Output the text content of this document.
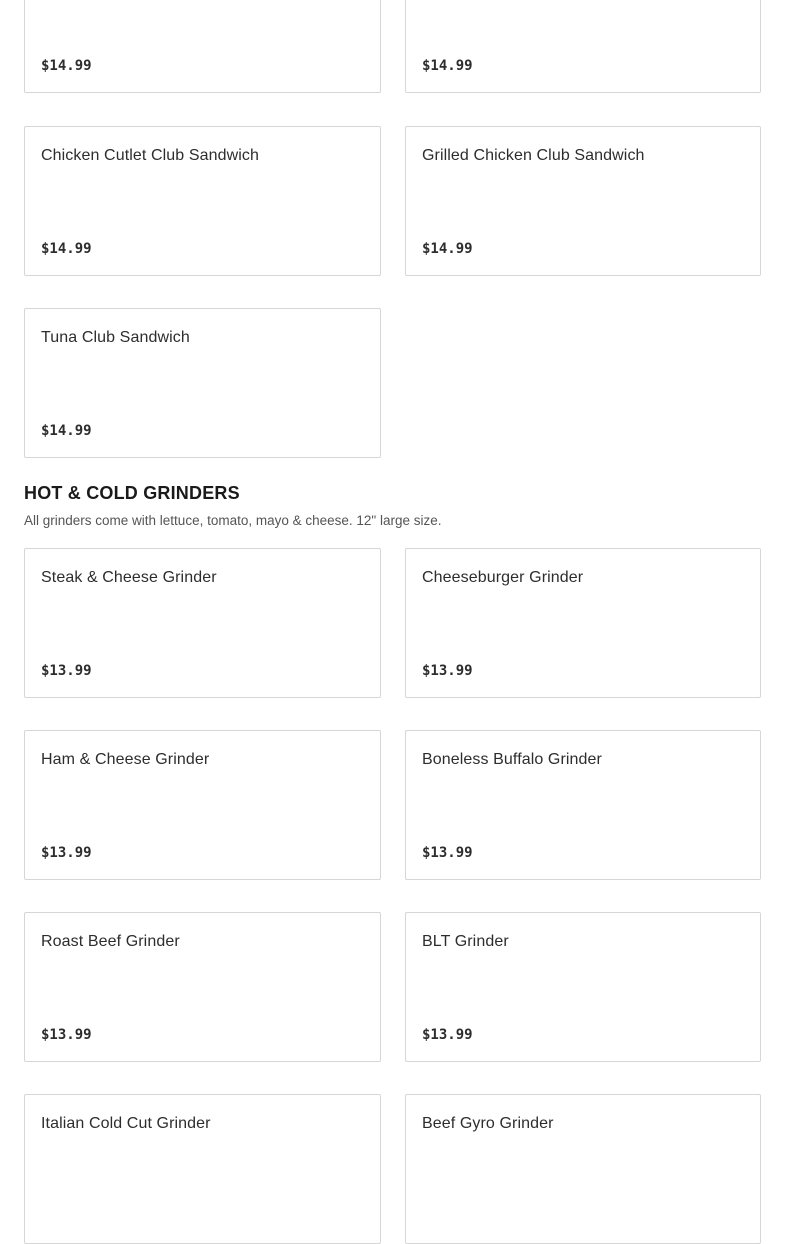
$14.99	$14.99
Chicken Cutlet Club Sandwich
$14.99
Grilled Chicken Club Sandwich
$14.99
Tuna Club Sandwich
$14.99
HOT & COLD GRINDERS

All grinders come with lettuce, tomato, mayo & cheese. 12" large size.

Steak & Cheese Grinder
$13.99
Cheeseburger Grinder
$13.99
Ham & Cheese Grinder
$13.99
Boneless Buffalo Grinder
$13.99
Roast Beef Grinder
$13.99
BLT Grinder
$13.99
Italian Cold Cut Grinder	Beef Gyro Grinder
